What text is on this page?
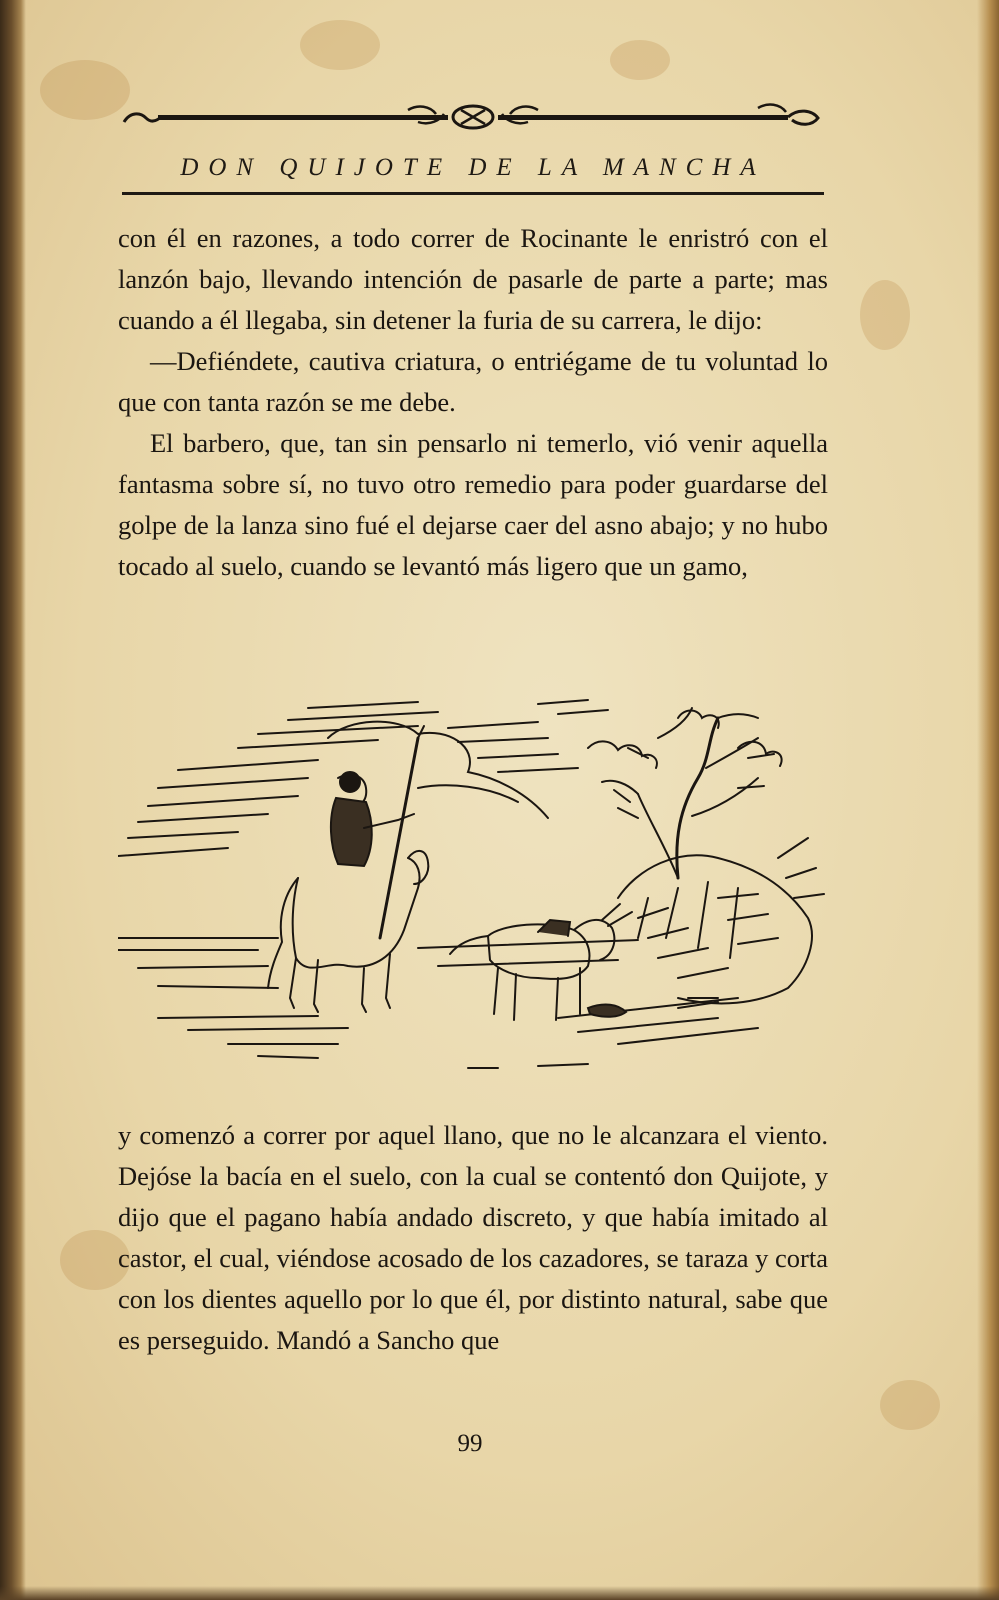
DON QUIJOTE DE LA MANCHA

con él en razones, a todo correr de Rocinante le enristró con el lanzón bajo, llevando intención de pasarle de parte a parte; mas cuando a él llegaba, sin detener la furia de su carrera, le dijo:

—Defiéndete, cautiva criatura, o entriégame de tu voluntad lo que con tanta razón se me debe.

El barbero, que, tan sin pensarlo ni temerlo, vió venir aquella fantasma sobre sí, no tuvo otro remedio para poder guardarse del golpe de la lanza sino fué el dejarse caer del asno abajo; y no hubo tocado al suelo, cuando se levantó más ligero que un gamo,

y comenzó a correr por aquel llano, que no le alcanzara el viento. Dejóse la bacía en el suelo, con la cual se contentó don Quijote, y dijo que el pagano había andado discreto, y que había imitado al castor, el cual, viéndose acosado de los cazadores, se taraza y corta con los dientes aquello por lo que él, por distinto natural, sabe que es perseguido. Mandó a Sancho que

99
